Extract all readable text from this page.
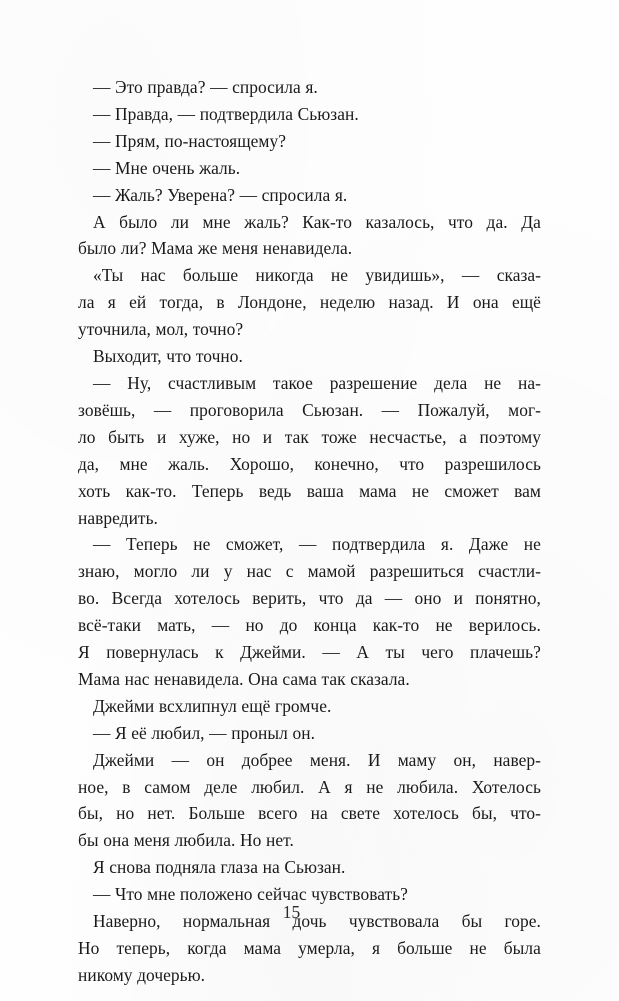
— Это правда? — спросила я.

— Правда, — подтвердила Сьюзан.

— Прям, по-настоящему?

— Мне очень жаль.

— Жаль? Уверена? — спросила я.

А было ли мне жаль? Как-то казалось, что да. Да
было ли? Мама же меня ненавидела.

«Ты нас больше никогда не увидишь», — сказа-
ла я ей тогда, в Лондоне, неделю назад. И она ещё
уточнила, мол, точно?

Выходит, что точно.

— Ну, счастливым такое разрешение дела не на-
зовёшь, — проговорила Сьюзан. — Пожалуй, мог-
ло быть и хуже, но и так тоже несчастье, а поэтому
да, мне жаль. Хорошо, конечно, что разрешилось
хоть как-то. Теперь ведь ваша мама не сможет вам
навредить.

— Теперь не сможет, — подтвердила я. Даже не
знаю, могло ли у нас с мамой разрешиться счастли-
во. Всегда хотелось верить, что да — оно и понятно,
всё-таки мать, — но до конца как-то не верилось.
Я повернулась к Джейми. — А ты чего плачешь?
Мама нас ненавидела. Она сама так сказала.

Джейми всхлипнул ещё громче.

— Я её любил, — проныл он.

Джейми — он добрее меня. И маму он, навер-
ное, в самом деле любил. А я не любила. Хотелось
бы, но нет. Больше всего на свете хотелось бы, что-
бы она меня любила. Но нет.

Я снова подняла глаза на Сьюзан.

— Что мне положено сейчас чувствовать?

Наверно, нормальная дочь чувствовала бы горе.
Но теперь, когда мама умерла, я больше не была
никому дочерью.

15
